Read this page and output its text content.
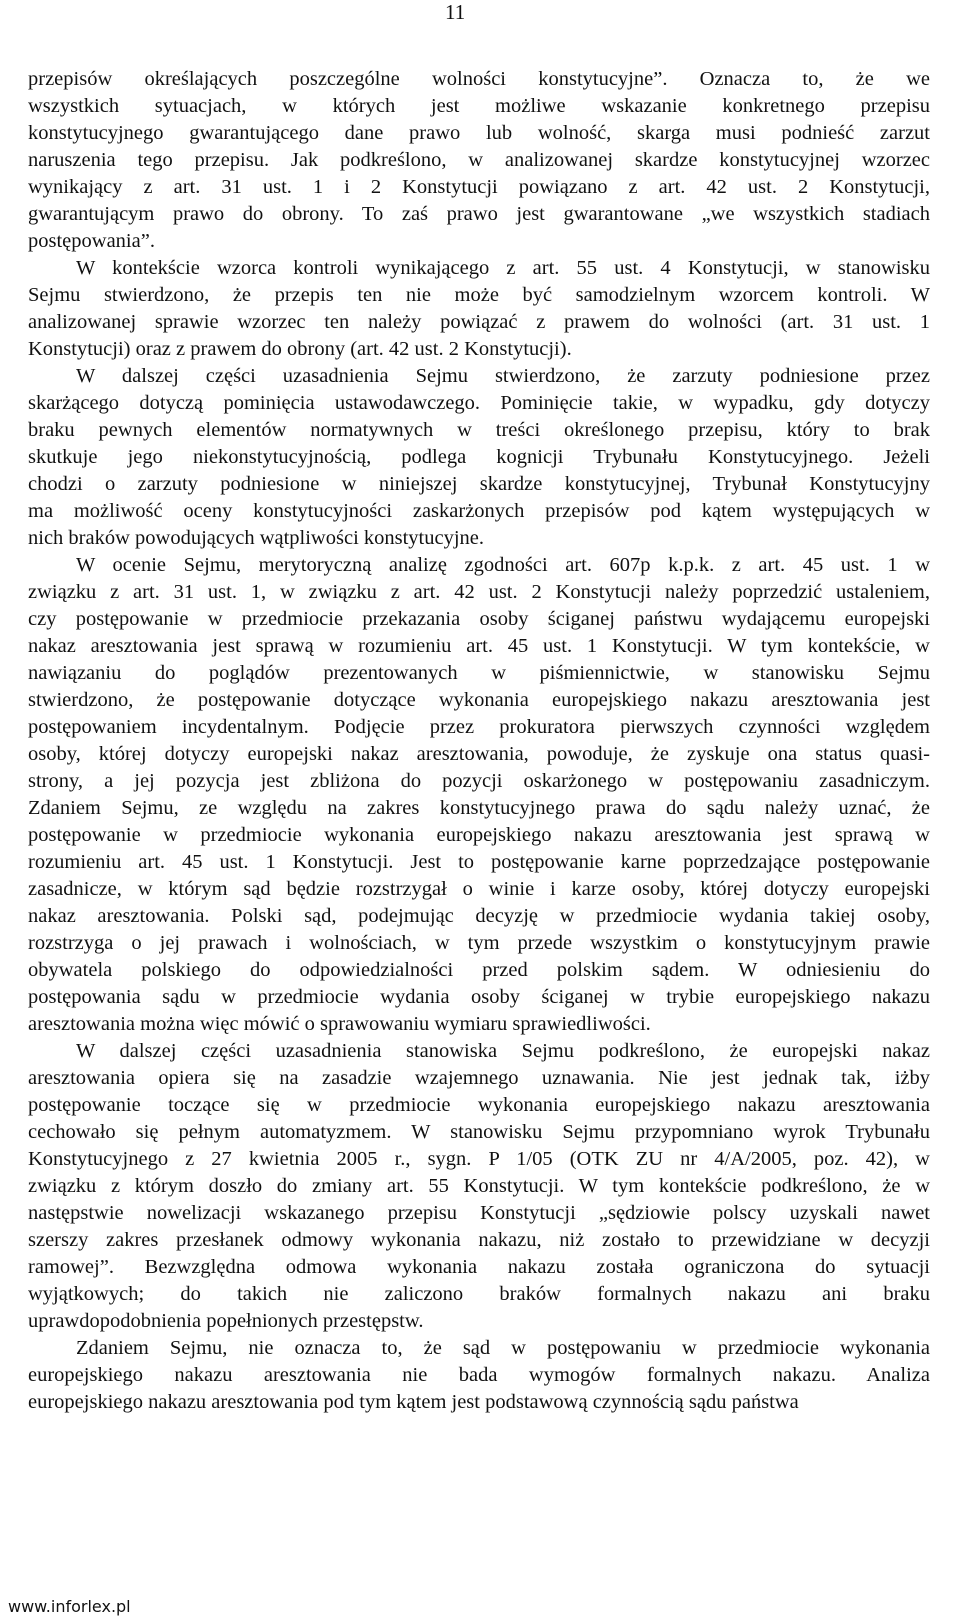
11

przepisów określających poszczególne wolności konstytucyjne”. Oznacza to, że we
wszystkich sytuacjach, w których jest możliwe wskazanie konkretnego przepisu
konstytucyjnego gwarantującego dane prawo lub wolność, skarga musi podnieść zarzut
naruszenia tego przepisu. Jak podkreślono, w analizowanej skardze konstytucyjnej wzorzec
wynikający z art. 31 ust. 1 i 2 Konstytucji powiązano z art. 42 ust. 2 Konstytucji,
gwarantującym prawo do obrony. To zaś prawo jest gwarantowane „we wszystkich stadiach
postępowania”.

W kontekście wzorca kontroli wynikającego z art. 55 ust. 4 Konstytucji, w stanowisku
Sejmu stwierdzono, że przepis ten nie może być samodzielnym wzorcem kontroli. W
analizowanej sprawie wzorzec ten należy powiązać z prawem do wolności (art. 31 ust. 1
Konstytucji) oraz z prawem do obrony (art. 42 ust. 2 Konstytucji).

W dalszej części uzasadnienia Sejmu stwierdzono, że zarzuty podniesione przez
skarżącego dotyczą pominięcia ustawodawczego. Pominięcie takie, w wypadku, gdy dotyczy
braku pewnych elementów normatywnych w treści określonego przepisu, który to brak
skutkuje jego niekonstytucyjnością, podlega kognicji Trybunału Konstytucyjnego. Jeżeli
chodzi o zarzuty podniesione w niniejszej skardze konstytucyjnej, Trybunał Konstytucyjny
ma możliwość oceny konstytucyjności zaskarżonych przepisów pod kątem występujących w
nich braków powodujących wątpliwości konstytucyjne.

W ocenie Sejmu, merytoryczną analizę zgodności art. 607p k.p.k. z art. 45 ust. 1 w
związku z art. 31 ust. 1, w związku z art. 42 ust. 2 Konstytucji należy poprzedzić ustaleniem,
czy postępowanie w przedmiocie przekazania osoby ściganej państwu wydającemu europejski
nakaz aresztowania jest sprawą w rozumieniu art. 45 ust. 1 Konstytucji. W tym kontekście, w
nawiązaniu do poglądów prezentowanych w piśmiennictwie, w stanowisku Sejmu
stwierdzono, że postępowanie dotyczące wykonania europejskiego nakazu aresztowania jest
postępowaniem incydentalnym. Podjęcie przez prokuratora pierwszych czynności względem
osoby, której dotyczy europejski nakaz aresztowania, powoduje, że zyskuje ona status quasi-
strony, a jej pozycja jest zbliżona do pozycji oskarżonego w postępowaniu zasadniczym.
Zdaniem Sejmu, ze względu na zakres konstytucyjnego prawa do sądu należy uznać, że
postępowanie w przedmiocie wykonania europejskiego nakazu aresztowania jest sprawą w
rozumieniu art. 45 ust. 1 Konstytucji. Jest to postępowanie karne poprzedzające postępowanie
zasadnicze, w którym sąd będzie rozstrzygał o winie i karze osoby, której dotyczy europejski
nakaz aresztowania. Polski sąd, podejmując decyzję w przedmiocie wydania takiej osoby,
rozstrzyga o jej prawach i wolnościach, w tym przede wszystkim o konstytucyjnym prawie
obywatela polskiego do odpowiedzialności przed polskim sądem. W odniesieniu do
postępowania sądu w przedmiocie wydania osoby ściganej w trybie europejskiego nakazu
aresztowania można więc mówić o sprawowaniu wymiaru sprawiedliwości.

W dalszej części uzasadnienia stanowiska Sejmu podkreślono, że europejski nakaz
aresztowania opiera się na zasadzie wzajemnego uznawania. Nie jest jednak tak, iżby
postępowanie toczące się w przedmiocie wykonania europejskiego nakazu aresztowania
cechowało się pełnym automatyzmem. W stanowisku Sejmu przypomniano wyrok Trybunału
Konstytucyjnego z 27 kwietnia 2005 r., sygn. P 1/05 (OTK ZU nr 4/A/2005, poz. 42), w
związku z którym doszło do zmiany art. 55 Konstytucji. W tym kontekście podkreślono, że w
następstwie nowelizacji wskazanego przepisu Konstytucji „sędziowie polscy uzyskali nawet
szerszy zakres przesłanek odmowy wykonania nakazu, niż zostało to przewidziane w decyzji
ramowej”. Bezwzględna odmowa wykonania nakazu została ograniczona do sytuacji
wyjątkowych; do takich nie zaliczono braków formalnych nakazu ani braku
uprawdopodobnienia popełnionych przestępstw.

Zdaniem Sejmu, nie oznacza to, że sąd w postępowaniu w przedmiocie wykonania
europejskiego nakazu aresztowania nie bada wymogów formalnych nakazu. Analiza
europejskiego nakazu aresztowania pod tym kątem jest podstawową czynnością sądu państwa

www.inforlex.pl
